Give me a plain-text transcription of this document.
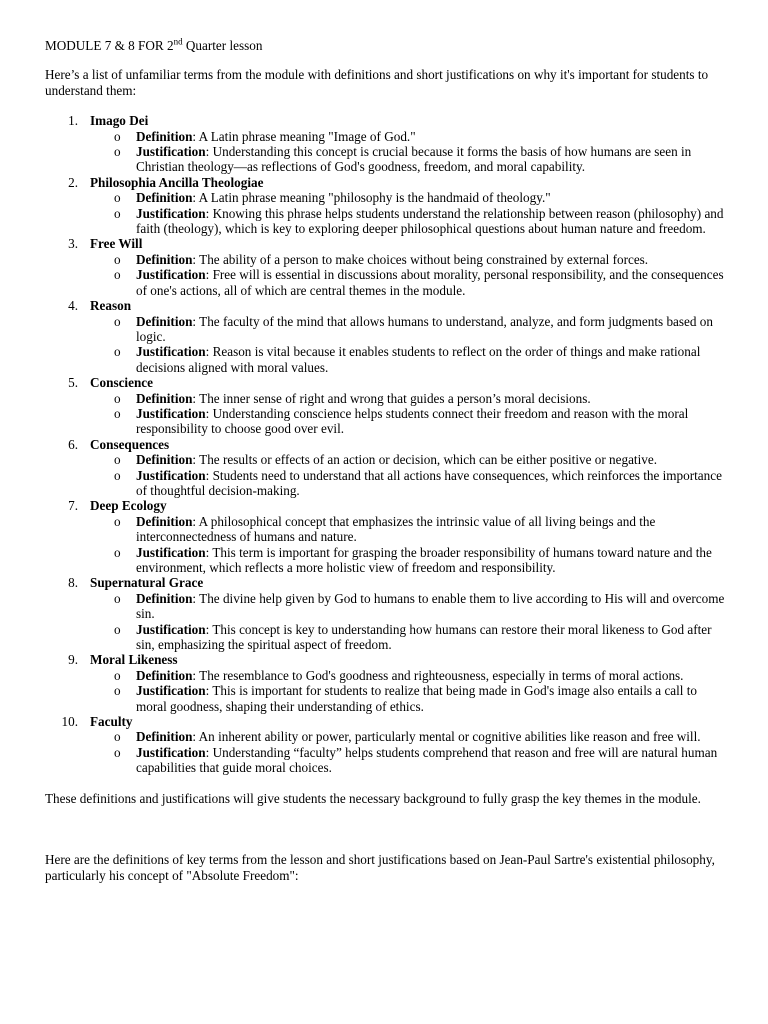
MODULE 7 & 8 FOR 2nd Quarter lesson

Here’s a list of unfamiliar terms from the module with definitions and short justifications on why it's important for students to understand them:

1. Imago Dei
o Definition: A Latin phrase meaning "Image of God."
o Justification: Understanding this concept is crucial because it forms the basis of how humans are seen in Christian theology—as reflections of God's goodness, freedom, and moral capability.
2. Philosophia Ancilla Theologiae
o Definition: A Latin phrase meaning "philosophy is the handmaid of theology."
o Justification: Knowing this phrase helps students understand the relationship between reason (philosophy) and faith (theology), which is key to exploring deeper philosophical questions about human nature and freedom.
3. Free Will
o Definition: The ability of a person to make choices without being constrained by external forces.
o Justification: Free will is essential in discussions about morality, personal responsibility, and the consequences of one's actions, all of which are central themes in the module.
4. Reason
o Definition: The faculty of the mind that allows humans to understand, analyze, and form judgments based on logic.
o Justification: Reason is vital because it enables students to reflect on the order of things and make rational decisions aligned with moral values.
5. Conscience
o Definition: The inner sense of right and wrong that guides a person’s moral decisions.
o Justification: Understanding conscience helps students connect their freedom and reason with the moral responsibility to choose good over evil.
6. Consequences
o Definition: The results or effects of an action or decision, which can be either positive or negative.
o Justification: Students need to understand that all actions have consequences, which reinforces the importance of thoughtful decision-making.
7. Deep Ecology
o Definition: A philosophical concept that emphasizes the intrinsic value of all living beings and the interconnectedness of humans and nature.
o Justification: This term is important for grasping the broader responsibility of humans toward nature and the environment, which reflects a more holistic view of freedom and responsibility.
8. Supernatural Grace
o Definition: The divine help given by God to humans to enable them to live according to His will and overcome sin.
o Justification: This concept is key to understanding how humans can restore their moral likeness to God after sin, emphasizing the spiritual aspect of freedom.
9. Moral Likeness
o Definition: The resemblance to God's goodness and righteousness, especially in terms of moral actions.
o Justification: This is important for students to realize that being made in God's image also entails a call to moral goodness, shaping their understanding of ethics.
10. Faculty
o Definition: An inherent ability or power, particularly mental or cognitive abilities like reason and free will.
o Justification: Understanding “faculty” helps students comprehend that reason and free will are natural human capabilities that guide moral choices.

These definitions and justifications will give students the necessary background to fully grasp the key themes in the module.

Here are the definitions of key terms from the lesson and short justifications based on Jean-Paul Sartre's existential philosophy, particularly his concept of "Absolute Freedom":
